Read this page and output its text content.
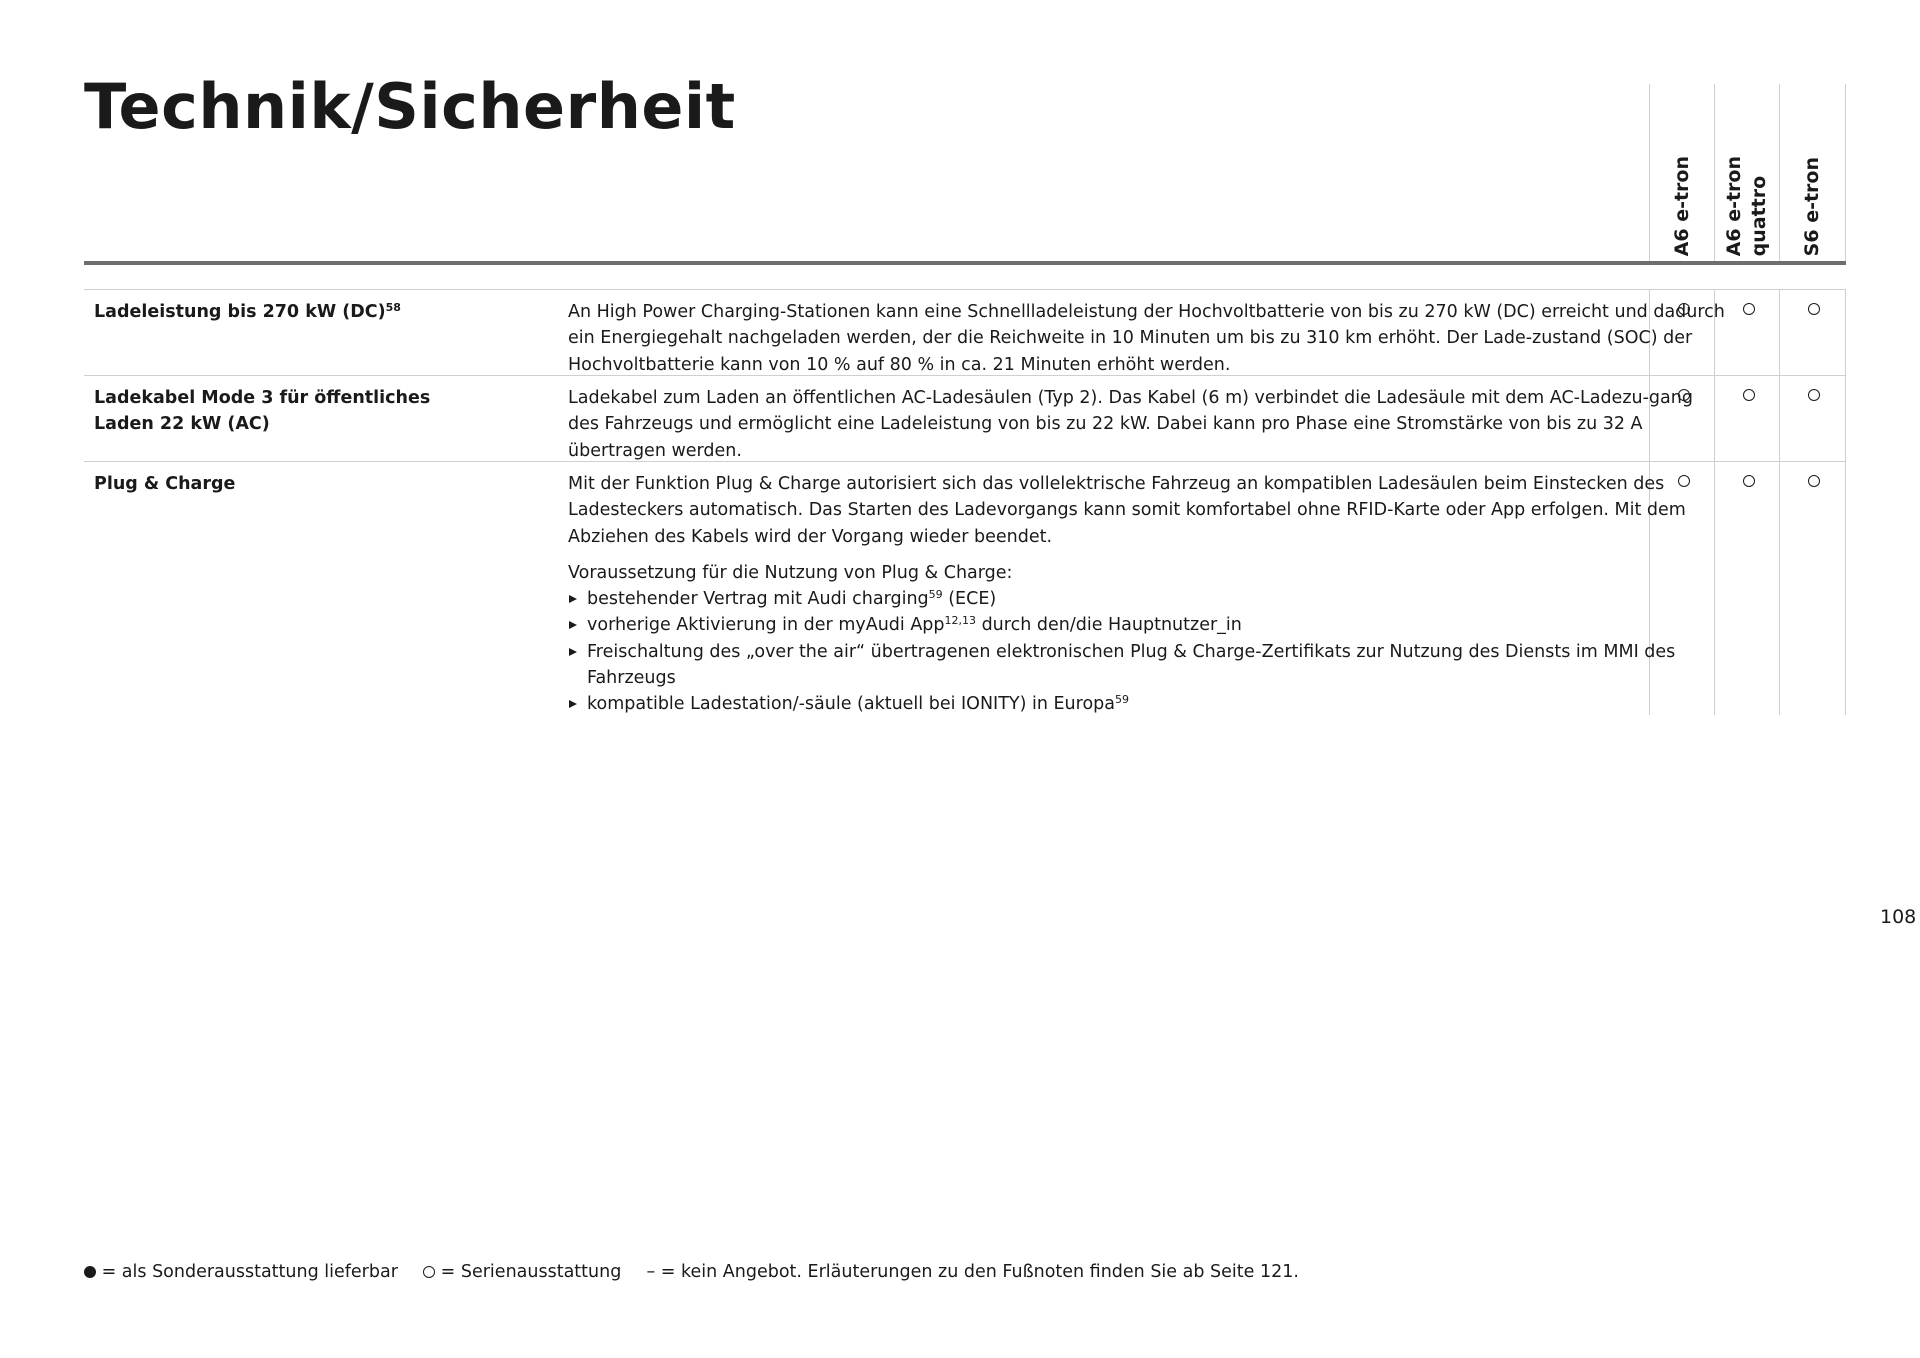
Technik/Sicherheit
A6 e-tron A6 e-tron
quattro S6 e-tron
Ladeleistung bis 270 kW (DC)$^{58}$	An High Power Charging-Stationen kann eine Schnellladeleistung der Hochvoltbatterie von bis zu 270 kW (DC) erreicht und dadurch ein Energiegehalt nachgeladen werden, der die Reichweite in 10 Minuten um bis zu 310 km erhöht. Der Lade-zustand (SOC) der Hochvoltbatterie kann von 10 % auf 80 % in ca. 21 Minuten erhöht werden.

Ladekabel Mode 3 für öffentliches Laden 22 kW (AC)

Ladekabel zum Laden an öffentlichen AC-Ladesäulen (Typ 2). Das Kabel (6 m) verbindet die Ladesäule mit dem AC-Ladezu-gang des Fahrzeugs und ermöglicht eine Ladeleistung von bis zu 22 kW. Dabei kann pro Phase eine Stromstärke von bis zu 32 A übertragen werden.

Plug & Charge	Mit der Funktion Plug & Charge autorisiert sich das vollelektrische Fahrzeug an kompatiblen Ladesäulen beim Einstecken des Ladesteckers automatisch. Das Starten des Ladevorgangs kann somit komfortabel ohne RFID-Karte oder App erfolgen. Mit dem Abziehen des Kabels wird der Vorgang wieder beendet.

Voraussetzung für die Nutzung von Plug & Charge:

bestehender Vertrag mit Audi charging$^{59}$ (ECE)
vorherige Aktivierung in der myAudi App$^{12,13}$ durch den/die Hauptnutzer_in
Freischaltung des „over the air“ übertragenen elektronischen Plug & Charge-Zertifikats zur Nutzung des Diensts im MMI des Fahrzeugs
kompatible Ladestation/-säule (aktuell bei IONITY) in Europa$^{59}$
108
= als Sonderausstattung lieferbar = Serienausstattung – = kein Angebot. Erläuterungen zu den Fußnoten finden Sie ab Seite 121.
